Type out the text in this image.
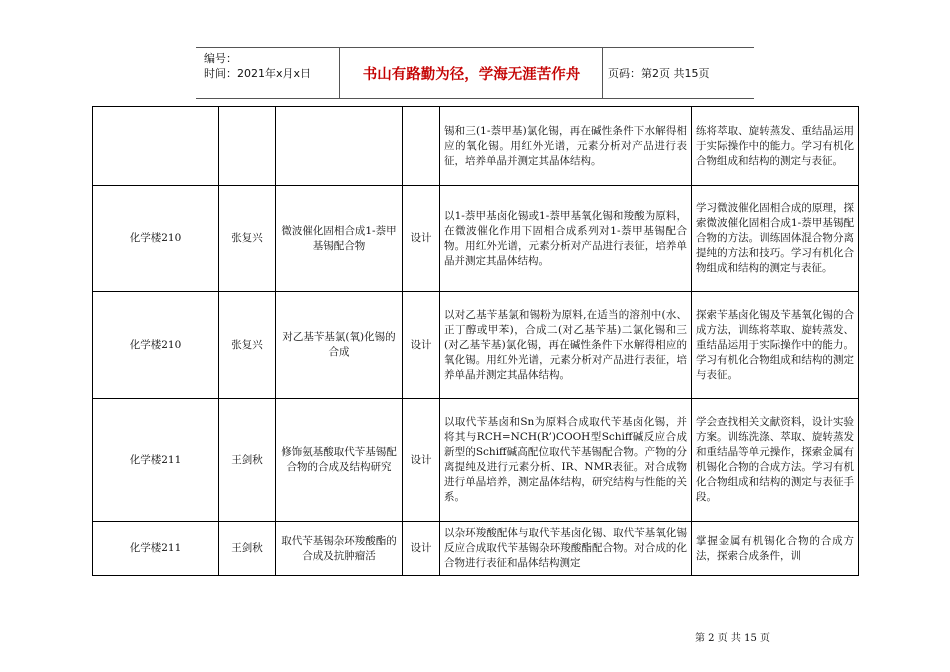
编号：
时间：2021年x月x日	书山有路勤为径，学海无涯苦作舟	页码：第2页 共15页
				锡和三(1-萘甲基)氯化锡，再在碱性条件下水解得相应的氧化锡。用红外光谱，元素分析对产品进行表征，培养单晶并测定其晶体结构。	练将萃取、旋转蒸发、重结晶运用于实际操作中的能力。学习有机化合物组成和结构的测定与表征。
化学楼210	张复兴	微波催化固相合成1-萘甲基锡配合物	设计	以1-萘甲基卤化锡或1-萘甲基氧化锡和羧酸为原料，在微波催化作用下固相合成系列对1-萘甲基锡配合物。用红外光谱，元素分析对产品进行表征，培养单晶并测定其晶体结构。	学习微波催化固相合成的原理，探索微波催化固相合成1-萘甲基锡配合物的方法。训练固体混合物分离提纯的方法和技巧。学习有机化合物组成和结构的测定与表征。
化学楼210	张复兴	对乙基苄基氯(氧)化锡的合成	设计	以对乙基苄基氯和锡粉为原料,在适当的溶剂中(水、正丁醇或甲苯)，合成二(对乙基苄基)二氯化锡和三(对乙基苄基)氯化锡，再在碱性条件下水解得相应的氧化锡。用红外光谱，元素分析对产品进行表征，培养单晶并测定其晶体结构。	探索苄基卤化锡及苄基氧化锡的合成方法，训练将萃取、旋转蒸发、重结晶运用于实际操作中的能力。学习有机化合物组成和结构的测定与表征。
化学楼211	王剑秋	修饰氨基酸取代苄基锡配合物的合成及结构研究	设计	以取代苄基卤和Sn为原料合成取代苄基卤化锡，并将其与RCH=NCH(R’)COOH型Schiff碱反应合成新型的Schiff碱高配位取代苄基锡配合物。产物的分离提纯及进行元素分析、IR、NMR表征。对合成物进行单晶培养，测定晶体结构，研究结构与性能的关系。	学会查找相关文献资料，设计实验方案。训练洗涤、萃取、旋转蒸发和重结晶等单元操作，探索金属有机锡化合物的合成方法。学习有机化合物组成和结构的测定与表征手段。
化学楼211	王剑秋	取代苄基锡杂环羧酸酯的合成及抗肿瘤活	设计	以杂环羧酸配体与取代苄基卤化锡、取代苄基氧化锡反应合成取代苄基锡杂环羧酸酯配合物。对合成的化合物进行表征和晶体结构测定	掌握金属有机锡化合物的合成方法，探索合成条件，训
第 2 页 共 15 页
